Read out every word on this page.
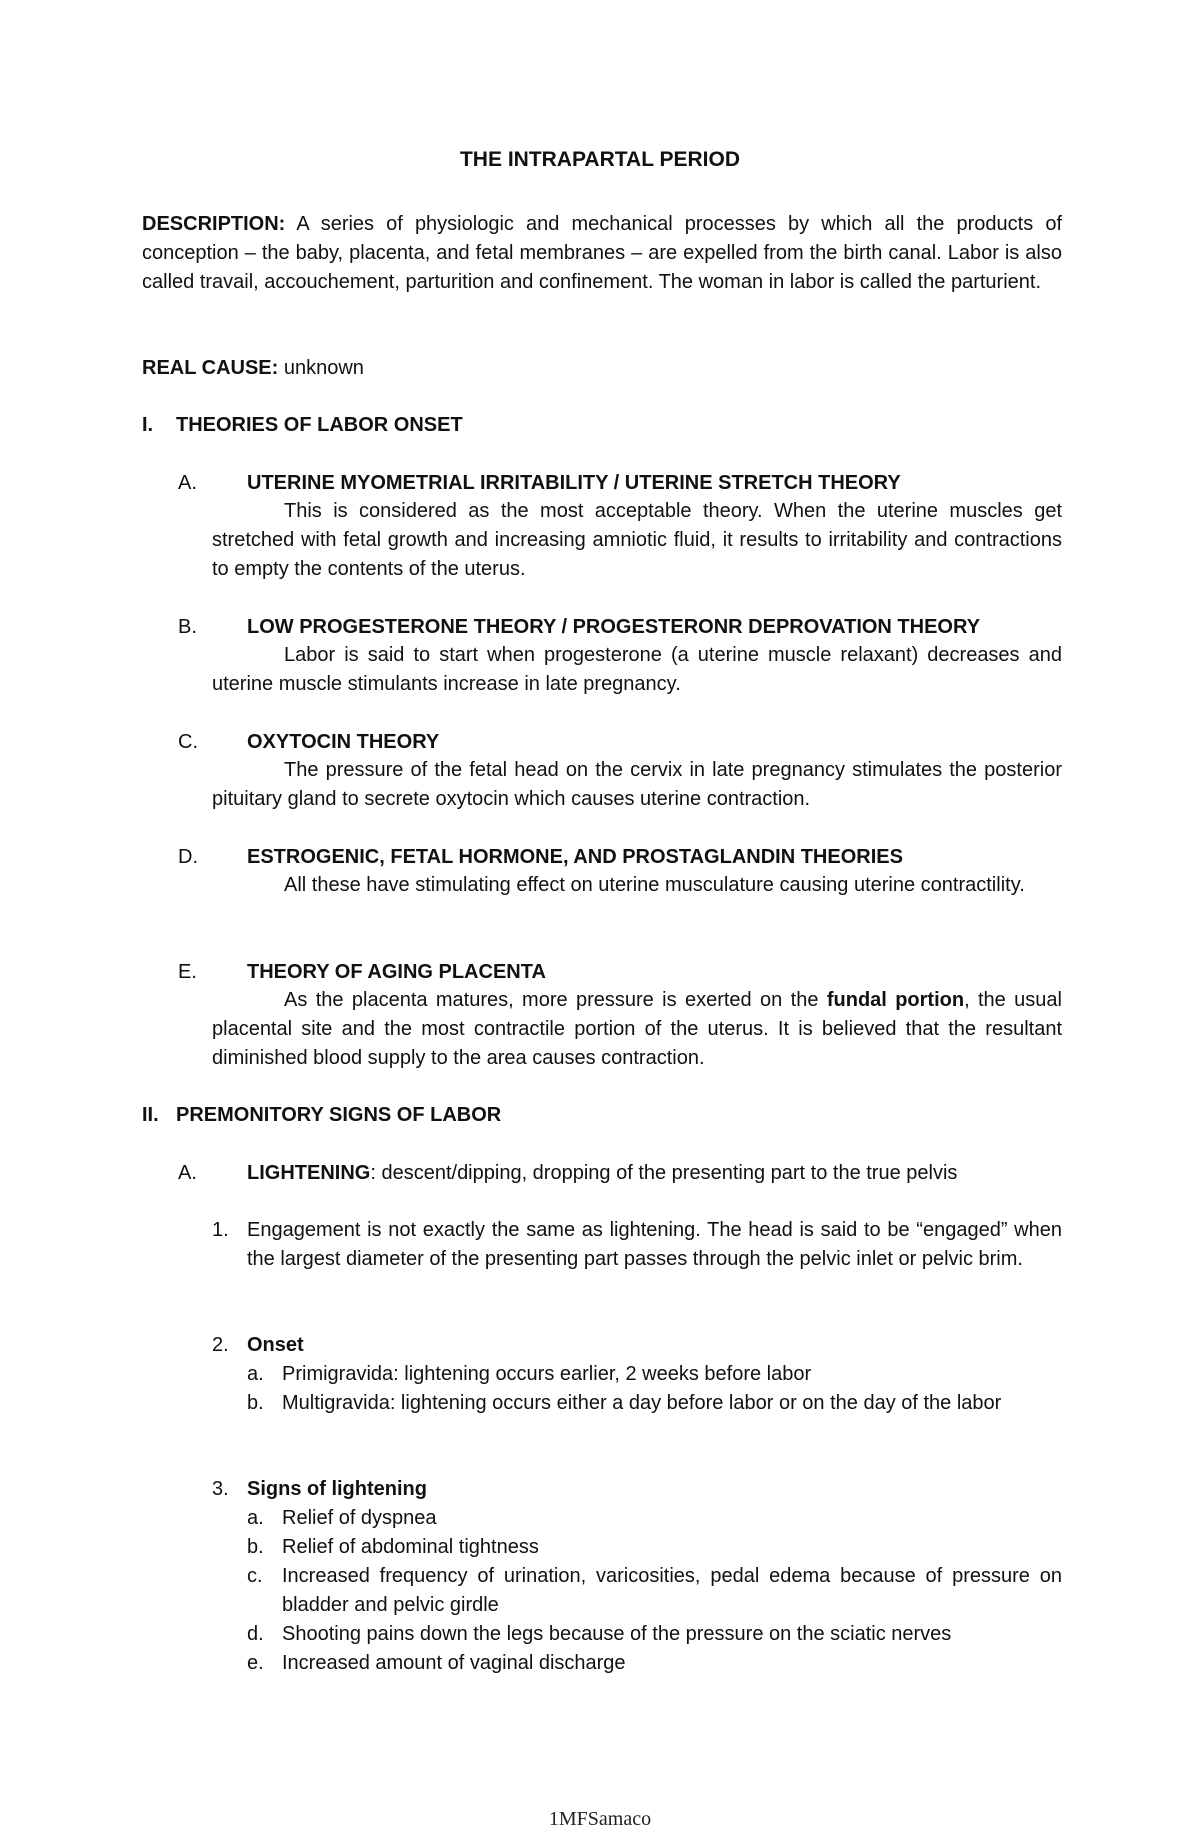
THE INTRAPARTAL PERIOD
DESCRIPTION: A series of physiologic and mechanical processes by which all the products of conception – the baby, placenta, and fetal membranes – are expelled from the birth canal. Labor is also called travail, accouchement, parturition and confinement. The woman in labor is called the parturient.
REAL CAUSE: unknown
I. THEORIES OF LABOR ONSET
A.	UTERINE MYOMETRIAL IRRITABILITY / UTERINE STRETCH THEORY
This is considered as the most acceptable theory. When the uterine muscles get stretched with fetal growth and increasing amniotic fluid, it results to irritability and contractions to empty the contents of the uterus.
B.	LOW PROGESTERONE THEORY / PROGESTERONR DEPROVATION THEORY
Labor is said to start when progesterone (a uterine muscle relaxant) decreases and uterine muscle stimulants increase in late pregnancy.
C. OXYTOCIN THEORY
The pressure of the fetal head on the cervix in late pregnancy stimulates the posterior pituitary gland to secrete oxytocin which causes uterine contraction.
D. ESTROGENIC, FETAL HORMONE, AND PROSTAGLANDIN THEORIES
All these have stimulating effect on uterine musculature causing uterine contractility.
E.	THEORY OF AGING PLACENTA
As the placenta matures, more pressure is exerted on the fundal portion, the usual placental site and the most contractile portion of the uterus. It is believed that the resultant diminished blood supply to the area causes contraction.
II. PREMONITORY SIGNS OF LABOR
A.	LIGHTENING: descent/dipping, dropping of the presenting part to the true pelvis
1. Engagement is not exactly the same as lightening. The head is said to be “engaged” when the largest diameter of the presenting part passes through the pelvic inlet or pelvic brim.
2. Onset
a. Primigravida: lightening occurs earlier, 2 weeks before labor
b. Multigravida: lightening occurs either a day before labor or on the day of the labor
3. Signs of lightening
a. Relief of dyspnea
b. Relief of abdominal tightness
c. Increased frequency of urination, varicosities, pedal edema because of pressure on bladder and pelvic girdle
d. Shooting pains down the legs because of the pressure on the sciatic nerves
e. Increased amount of vaginal discharge
1MFSamaco
